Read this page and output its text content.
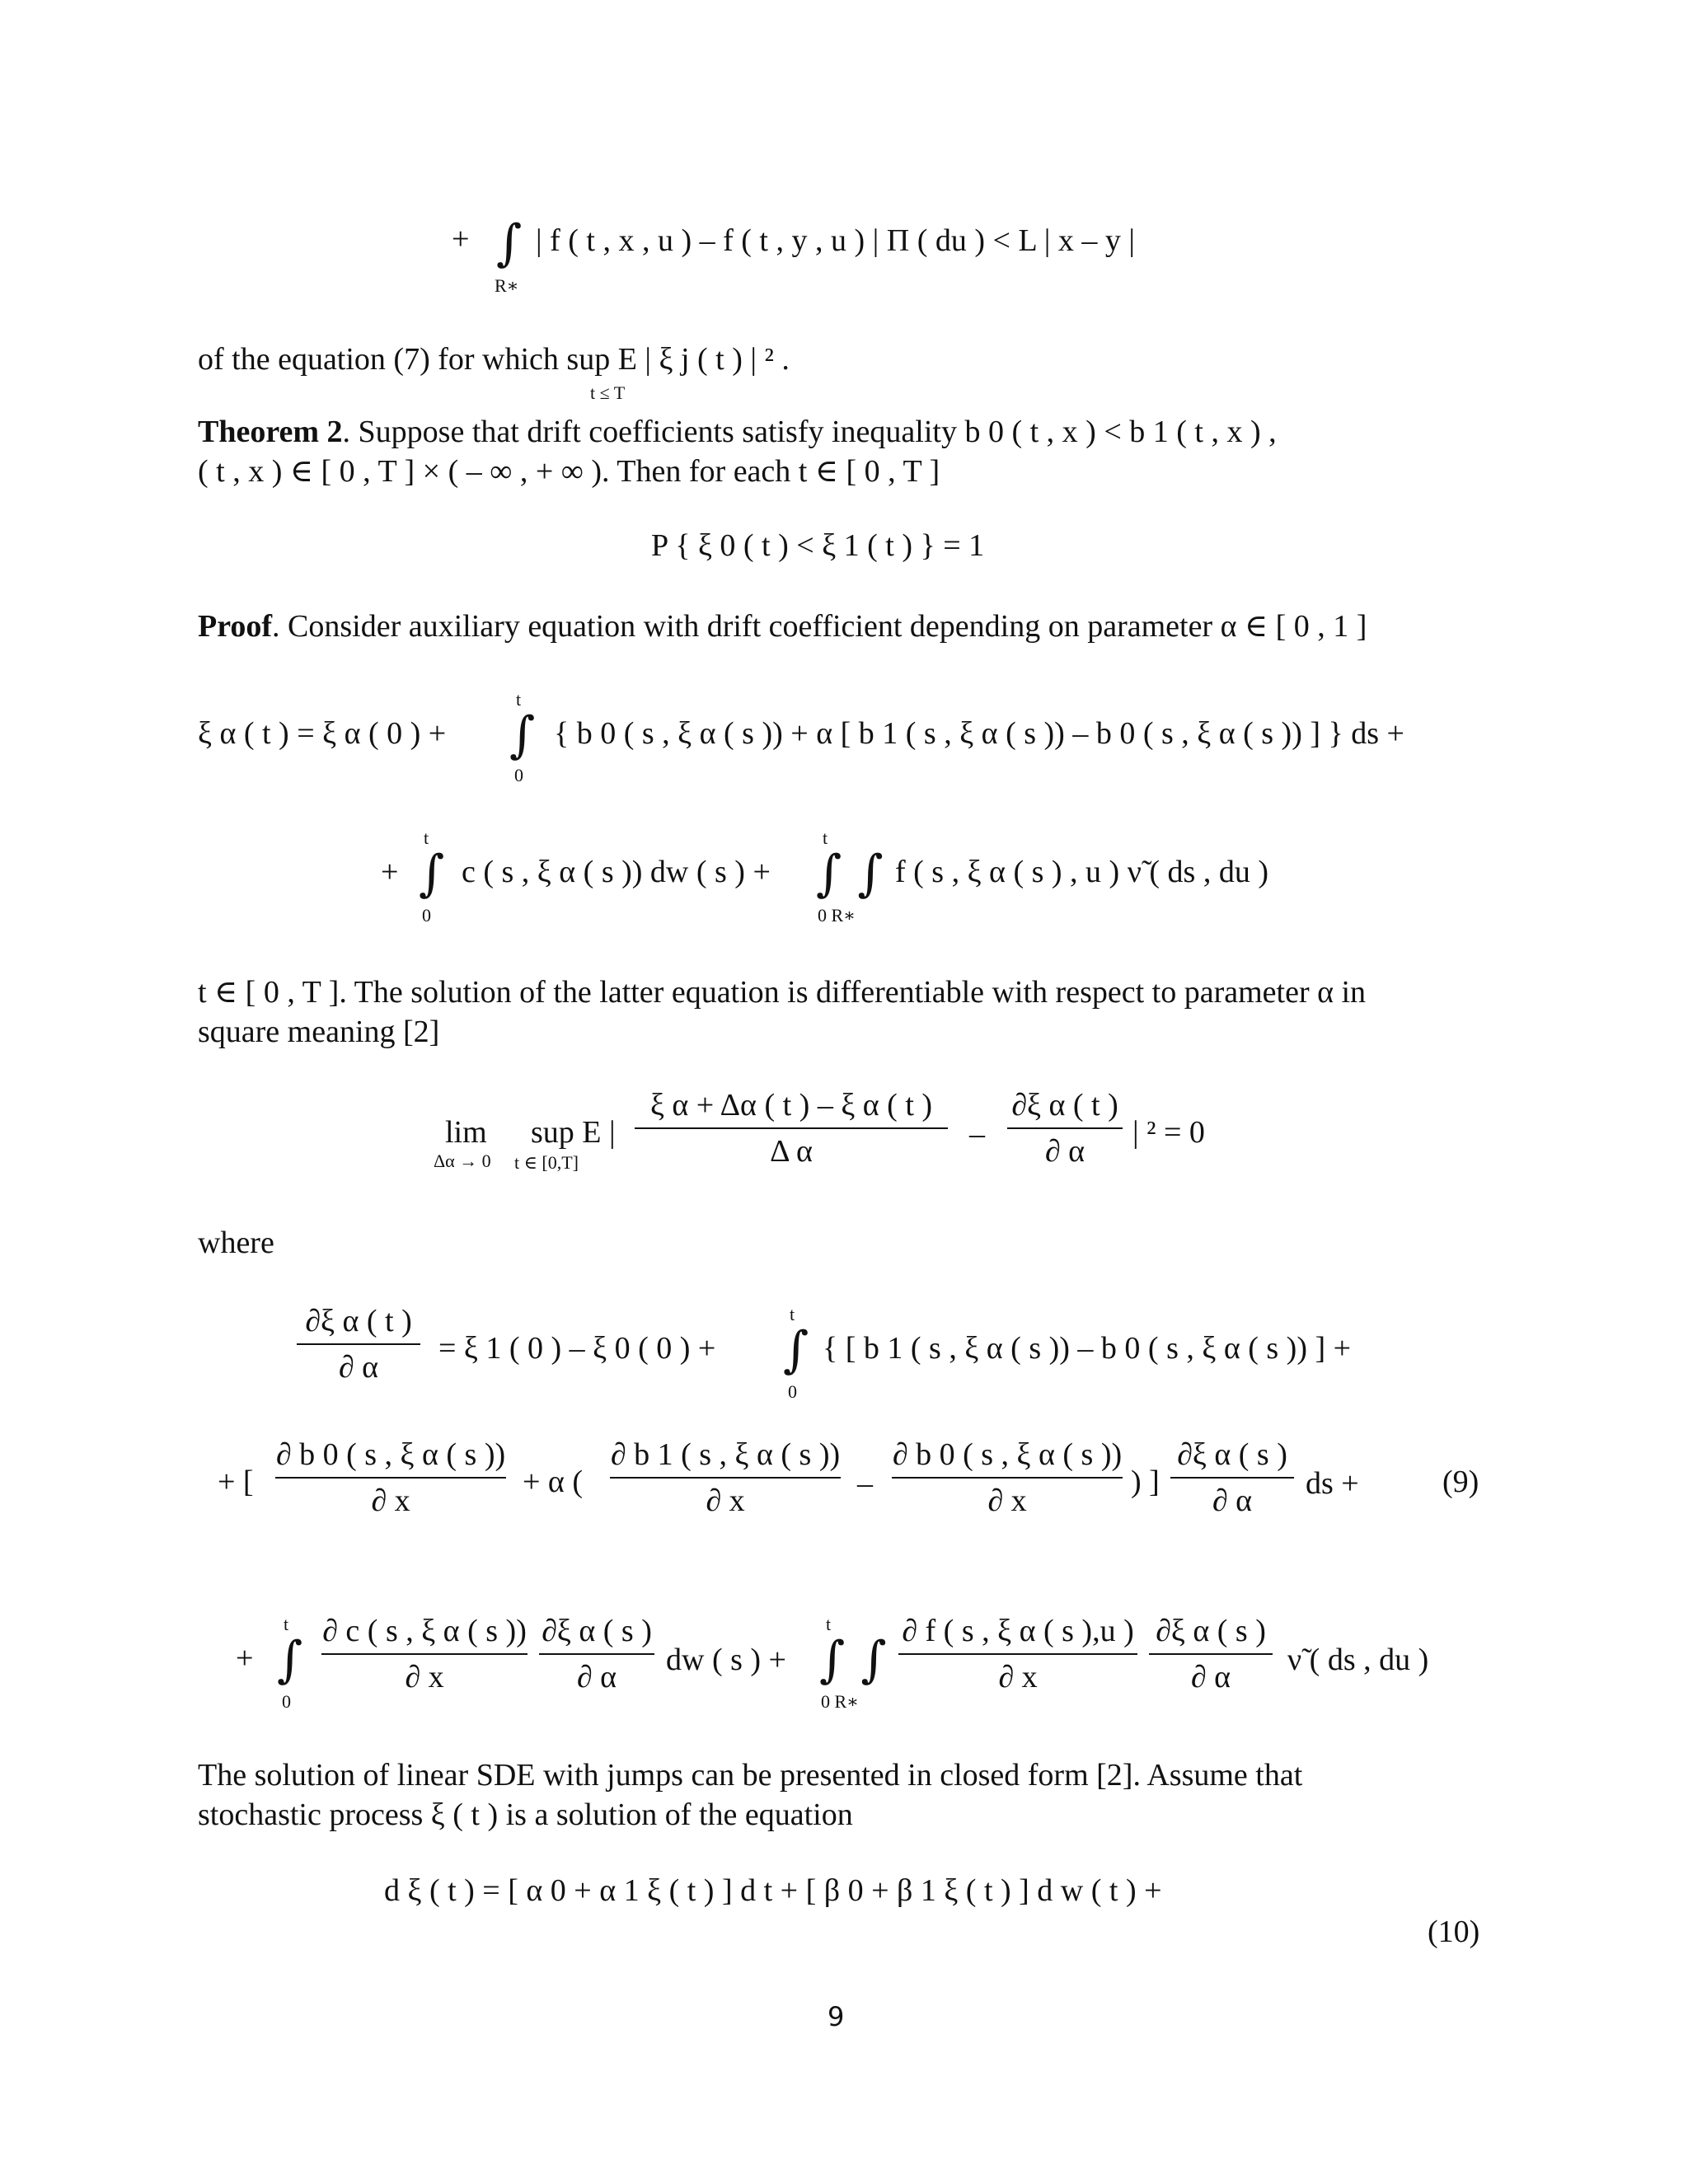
+ ∫
R∗
| f ( t , x , u ) – f ( t , y , u ) | Π ( du ) < L | x – y |
of the equation (7) for which sup E | ξ j ( t ) | ² .
t ≤ T
Theorem 2. Suppose that drift coefficients satisfy inequality b 0 ( t , x ) < b 1 ( t , x ) ,
( t , x ) ∈ [ 0 , T ] × ( – ∞ , + ∞ ). Then for each t ∈ [ 0 , T ]
P { ξ 0 ( t ) < ξ 1 ( t ) } = 1
Proof. Consider auxiliary equation with drift coefficient depending on parameter α ∈ [ 0 , 1 ]
ξ α ( t ) = ξ α ( 0 ) +
t
∫
0
{ b 0 ( s , ξ α ( s )) + α [ b 1 ( s , ξ α ( s )) – b 0 ( s , ξ α ( s )) ] } ds +
+
t
∫
0
c ( s , ξ α ( s )) dw ( s ) +
t
∫ ∫
0 R∗
f ( s , ξ α ( s ) , u ) ν̃ ( ds , du )
t ∈ [ 0 , T ]. The solution of the latter equation is differentiable with respect to parameter α in
square meaning [2]
lim
Δα → 0
sup E |
t ∈ [0,T]
ξ α + Δα ( t ) – ξ α ( t )
Δ α	–
∂ξ α ( t )
∂ α
| ² = 0
where
∂ξ α ( t )
∂ α
= ξ 1 ( 0 ) – ξ 0 ( 0 ) +
t
∫
0
{ [ b 1 ( s , ξ α ( s )) – b 0 ( s , ξ α ( s )) ] +
+ [
∂ b 0 ( s , ξ α ( s ))
∂ x
+ α (
∂ b 1 ( s , ξ α ( s ))
∂ x	–
∂ b 0 ( s , ξ α ( s ))
∂ x
) ]
∂ξ α ( s )
∂ α ds +	(9)
+
t
∫
0
∂ c ( s , ξ α ( s ))
∂ x
∂ξ α ( s )
∂ α dw ( s ) +
t
∫ ∫
0 R∗
∂ f ( s , ξ α ( s ),u )
∂ x
∂ξ α ( s )
∂ α ν̃ ( ds , du )
The solution of linear SDE with jumps can be presented in closed form [2]. Assume that
stochastic process ξ ( t ) is a solution of the equation
d ξ ( t ) = [ α 0 + α 1 ξ ( t ) ] d t + [ β 0 + β 1 ξ ( t ) ] d w ( t ) +
(10)
9
